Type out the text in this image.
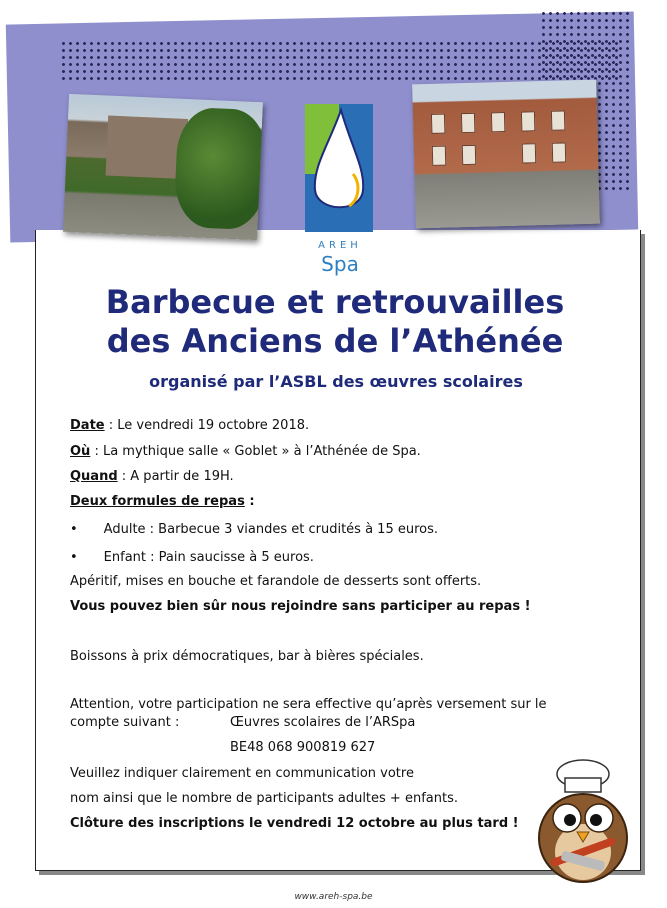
AREH
Spa
Barbecue et retrouvailles
des Anciens de l’Athénée
organisé par l’ASBL des œuvres scolaires
Date : Le vendredi 19 octobre 2018.
Où : La mythique salle « Goblet » à l’Athénée de Spa.
Quand : A partir de 19H.
Deux formules de repas :
• Adulte : Barbecue 3 viandes et crudités à 15 euros.
• Enfant : Pain saucisse à 5 euros.
Apéritif, mises en bouche et farandole de desserts sont offerts.
Vous pouvez bien sûr nous rejoindre sans participer au repas !
Boissons à prix démocratiques, bar à bières spéciales.
Attention, votre participation ne sera effective qu’après versement sur le
compte suivant :	Œuvres scolaires de l’ARSpa
BE48 068 900819 627
Veuillez indiquer clairement en communication votre
nom ainsi que le nombre de participants adultes + enfants.
Clôture des inscriptions le vendredi 12 octobre au plus tard !
www.areh-spa.be
